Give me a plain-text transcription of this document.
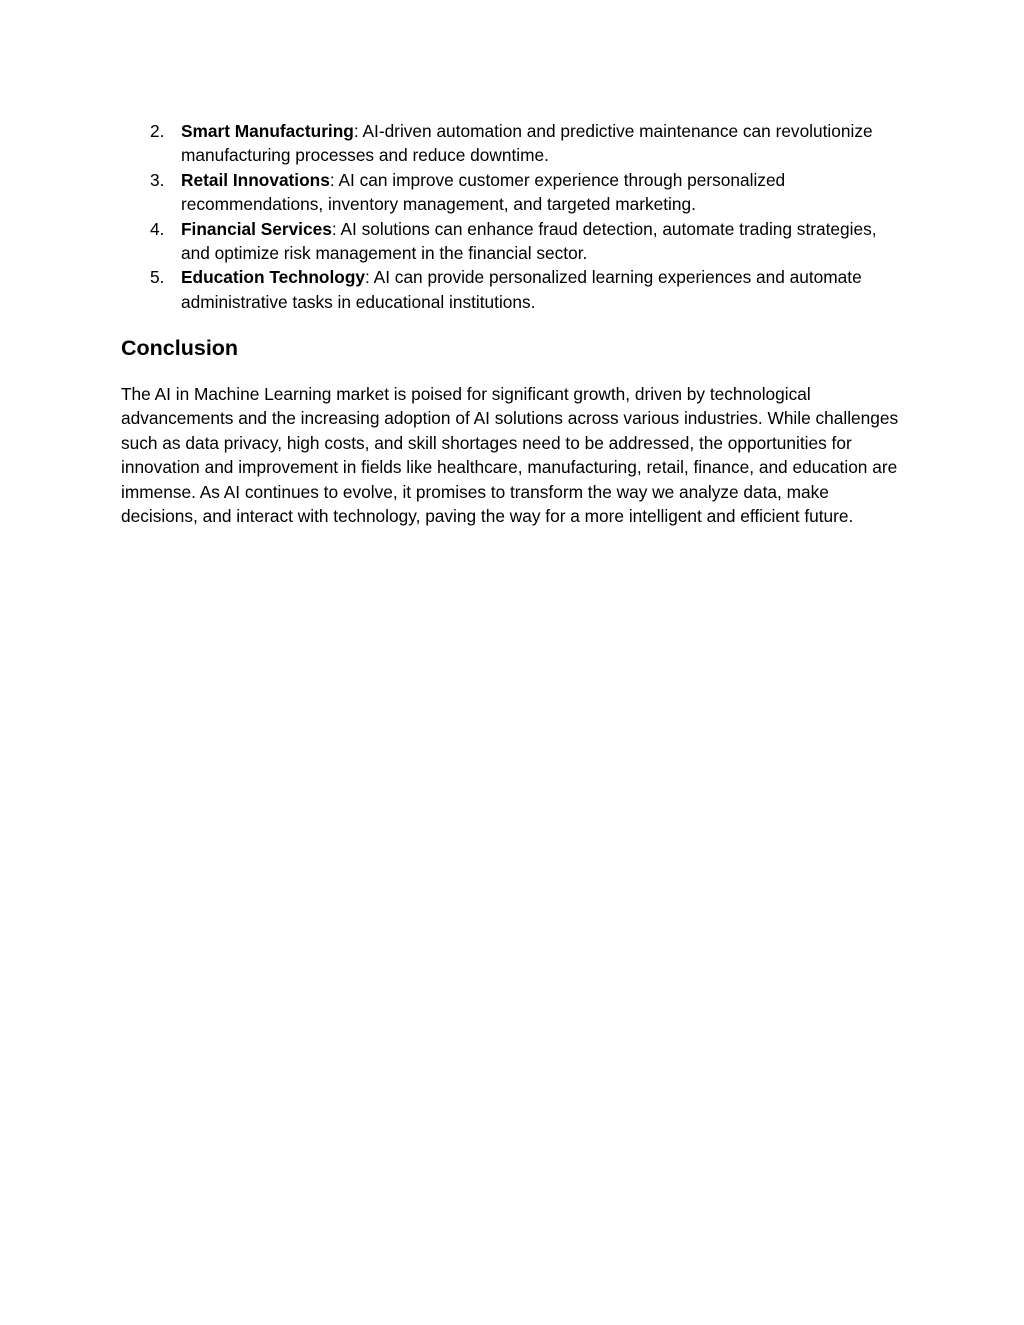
2. Smart Manufacturing: AI-driven automation and predictive maintenance can revolutionize manufacturing processes and reduce downtime.
3. Retail Innovations: AI can improve customer experience through personalized recommendations, inventory management, and targeted marketing.
4. Financial Services: AI solutions can enhance fraud detection, automate trading strategies, and optimize risk management in the financial sector.
5. Education Technology: AI can provide personalized learning experiences and automate administrative tasks in educational institutions.
Conclusion

The AI in Machine Learning market is poised for significant growth, driven by technological advancements and the increasing adoption of AI solutions across various industries. While challenges such as data privacy, high costs, and skill shortages need to be addressed, the opportunities for innovation and improvement in fields like healthcare, manufacturing, retail, finance, and education are immense. As AI continues to evolve, it promises to transform the way we analyze data, make decisions, and interact with technology, paving the way for a more intelligent and efficient future.
